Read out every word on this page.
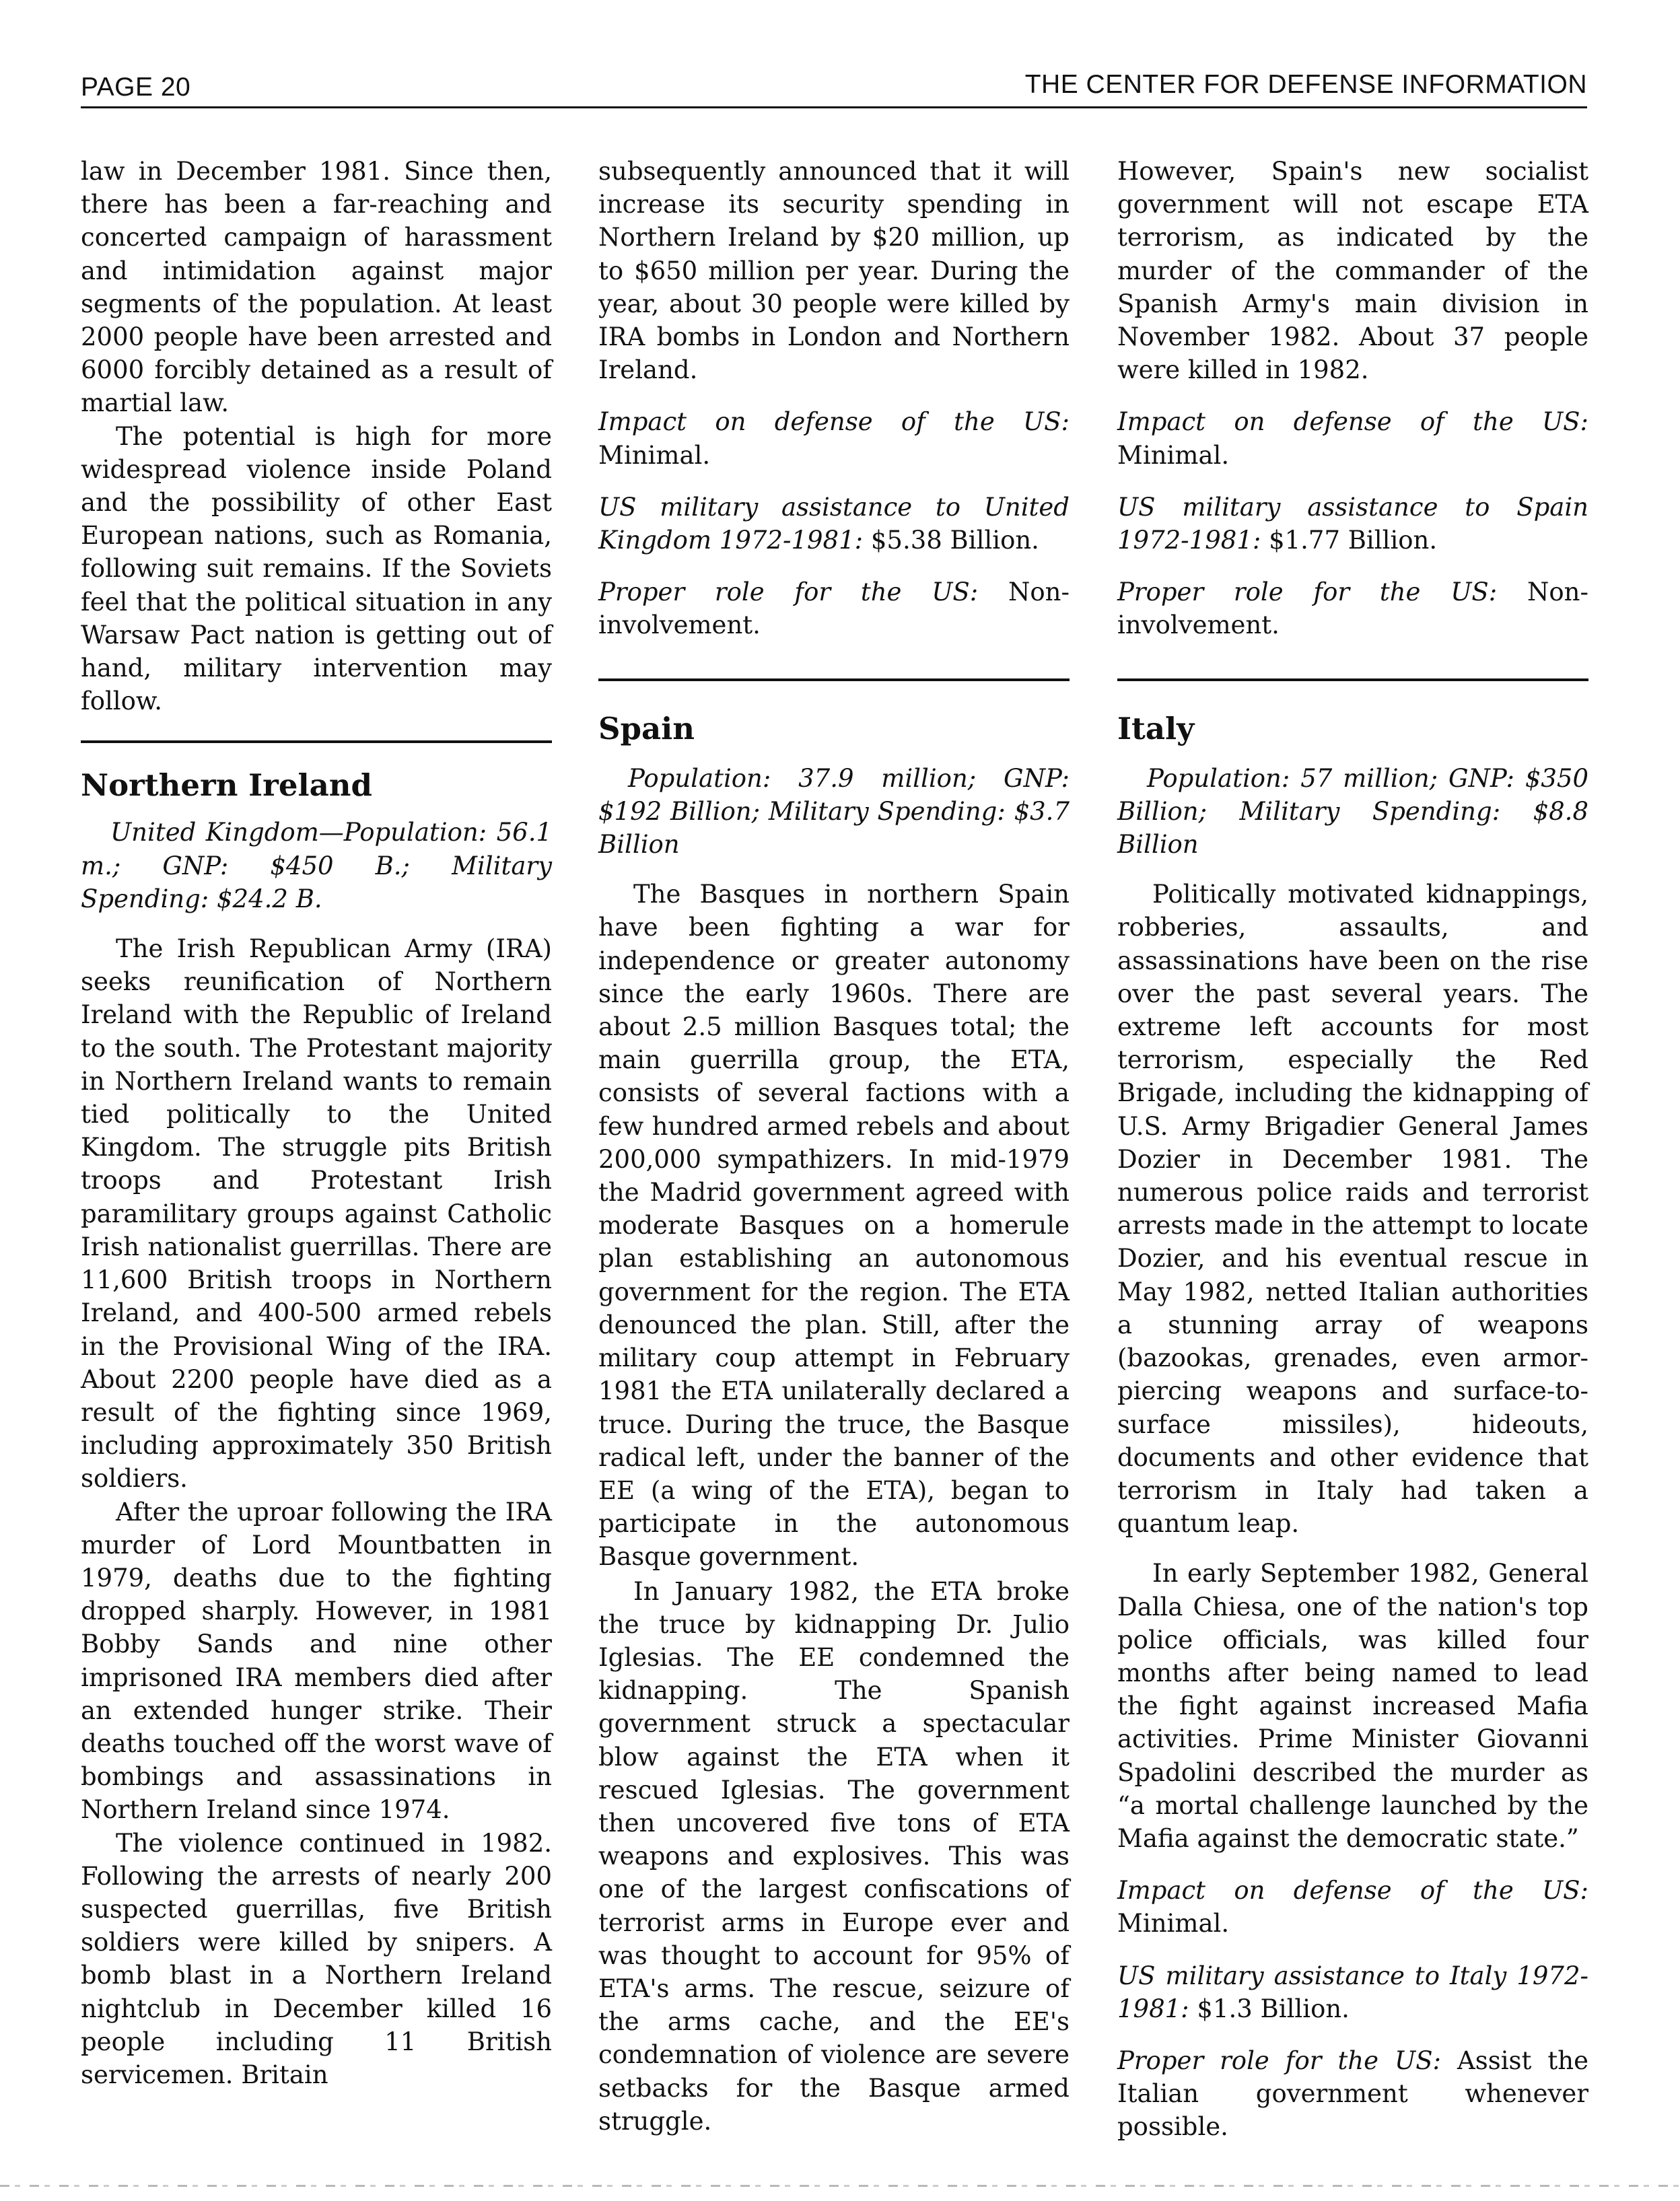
PAGE 20	THE CENTER FOR DEFENSE INFORMATION

law in December 1981. Since then, there has been a far-reaching and concerted campaign of harassment and intimidation against major segments of the population. At least 2000 people have been arrested and 6000 forcibly detained as a result of martial law.

The potential is high for more widespread violence inside Poland and the possibility of other East European nations, such as Romania, following suit remains. If the Soviets feel that the political situation in any Warsaw Pact nation is getting out of hand, military intervention may follow.

Northern Ireland

United Kingdom—Population: 56.1 m.; GNP: $450 B.; Military Spending: $24.2 B.

The Irish Republican Army (IRA) seeks reunification of Northern Ireland with the Republic of Ireland to the south. The Protestant majority in Northern Ireland wants to remain tied politically to the United Kingdom. The struggle pits British troops and Protestant Irish paramilitary groups against Catholic Irish nationalist guerrillas. There are 11,600 British troops in Northern Ireland, and 400-500 armed rebels in the Provisional Wing of the IRA. About 2200 people have died as a result of the fighting since 1969, including approximately 350 British soldiers.

After the uproar following the IRA murder of Lord Mountbatten in 1979, deaths due to the fighting dropped sharply. However, in 1981 Bobby Sands and nine other imprisoned IRA members died after an extended hunger strike. Their deaths touched off the worst wave of bombings and assassinations in Northern Ireland since 1974.

The violence continued in 1982. Following the arrests of nearly 200 suspected guerrillas, five British soldiers were killed by snipers. A bomb blast in a Northern Ireland nightclub in December killed 16 people including 11 British servicemen. Britain

subsequently announced that it will increase its security spending in Northern Ireland by $20 million, up to $650 million per year. During the year, about 30 people were killed by IRA bombs in London and Northern Ireland.

Impact on defense of the US: Minimal.

US military assistance to United Kingdom 1972-1981: $5.38 Billion.

Proper role for the US: Non-involvement.

Spain

Population: 37.9 million; GNP: $192 Billion; Military Spending: $3.7 Billion

The Basques in northern Spain have been fighting a war for independence or greater autonomy since the early 1960s. There are about 2.5 million Basques total; the main guerrilla group, the ETA, consists of several factions with a few hundred armed rebels and about 200,000 sympathizers. In mid-1979 the Madrid government agreed with moderate Basques on a homerule plan establishing an autonomous government for the region. The ETA denounced the plan. Still, after the military coup attempt in February 1981 the ETA unilaterally declared a truce. During the truce, the Basque radical left, under the banner of the EE (a wing of the ETA), began to participate in the autonomous Basque government.

In January 1982, the ETA broke the truce by kidnapping Dr. Julio Iglesias. The EE condemned the kidnapping. The Spanish government struck a spectacular blow against the ETA when it rescued Iglesias. The government then uncovered five tons of ETA weapons and explosives. This was one of the largest confiscations of terrorist arms in Europe ever and was thought to account for 95% of ETA's arms. The rescue, seizure of the arms cache, and the EE's condemnation of violence are severe setbacks for the Basque armed struggle.

However, Spain's new socialist government will not escape ETA terrorism, as indicated by the murder of the commander of the Spanish Army's main division in November 1982. About 37 people were killed in 1982.

Impact on defense of the US: Minimal.

US military assistance to Spain 1972-1981: $1.77 Billion.

Proper role for the US: Non-involvement.

Italy

Population: 57 million; GNP: $350 Billion; Military Spending: $8.8 Billion

Politically motivated kidnappings, robberies, assaults, and assassinations have been on the rise over the past several years. The extreme left accounts for most terrorism, especially the Red Brigade, including the kidnapping of U.S. Army Brigadier General James Dozier in December 1981. The numerous police raids and terrorist arrests made in the attempt to locate Dozier, and his eventual rescue in May 1982, netted Italian authorities a stunning array of weapons (bazookas, grenades, even armor-piercing weapons and surface-to-surface missiles), hideouts, documents and other evidence that terrorism in Italy had taken a quantum leap.

In early September 1982, General Dalla Chiesa, one of the nation's top police officials, was killed four months after being named to lead the fight against increased Mafia activities. Prime Minister Giovanni Spadolini described the murder as “a mortal challenge launched by the Mafia against the democratic state.”

Impact on defense of the US: Minimal.

US military assistance to Italy 1972-1981: $1.3 Billion.

Proper role for the US: Assist the Italian government whenever possible.
